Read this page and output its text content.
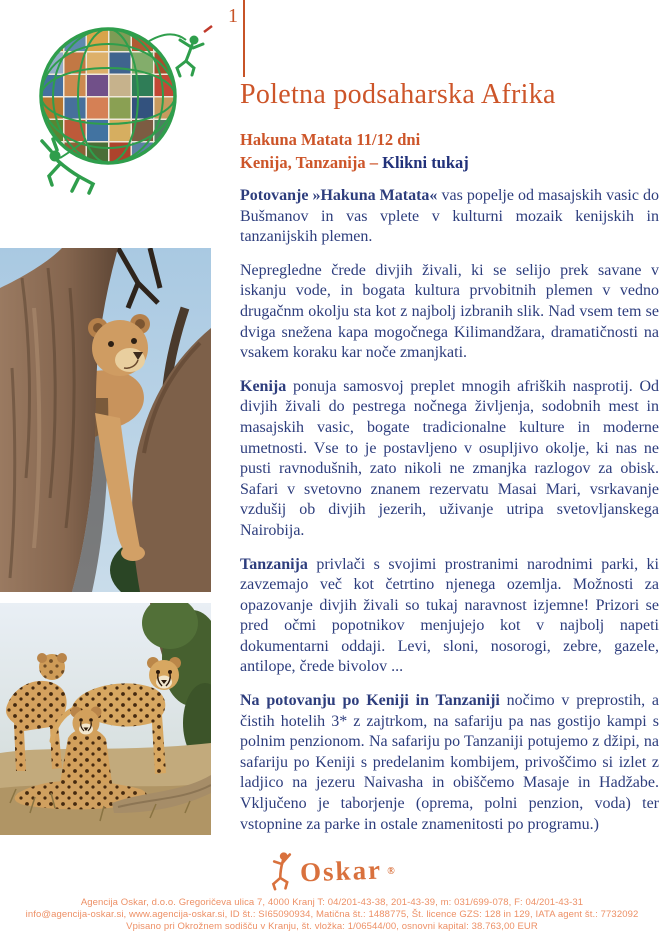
1
Poletna podsaharska Afrika
Hakuna Matata 11/12 dni
Kenija, Tanzanija – Klikni tukaj

Potovanje »Hakuna Matata« vas popelje od masajskih vasic do Bušmanov in vas vplete v kulturni mozaik kenijskih in tanzanijskih plemen.

Nepregledne črede divjih živali, ki se selijo prek savane v iskanju vode, in bogata kultura prvobitnih plemen v vedno drugačnm okolju sta kot z najbolj izbranih slik. Nad vsem tem se dviga snežena kapa mogočnega Kilimandžara, dramatičnosti na vsakem koraku kar noče zmanjkati.

Kenija ponuja samosvoj preplet mnogih afriških nasprotij. Od divjih živali do pestrega nočnega življenja, sodobnih mest in masajskih vasic, bogate tradicionalne kulture in moderne umetnosti. Vse to je postavljeno v osupljivo okolje, ki nas ne pusti ravnodušnih, zato nikoli ne zmanjka razlogov za obisk. Safari v svetovno znanem rezervatu Masai Mari, vsrkavanje vzdušij ob divjih jezerih, uživanje utripa svetovljanskega Nairobija.

Tanzanija privlači s svojimi prostranimi narodnimi parki, ki zavzemajo več kot četrtino njenega ozemlja. Možnosti za opazovanje divjih živali so tukaj naravnost izjemne! Prizori se pred očmi popotnikov menjujejo kot v najbolj napeti dokumentarni oddaji. Levi, sloni, nosorogi, zebre, gazele, antilope, črede bivolov ...

Na potovanju po Keniji in Tanzaniji nočimo v preprostih, a čistih hotelih 3* z zajtrkom, na safariju pa nas gostijo kampi s polnim penzionom. Na safariju po Tanzaniji potujemo z džipi, na safariju po Keniji s predelanim kombijem, privoščimo si izlet z ladjico na jezeru Naivasha in obiščemo Masaje in Hadžabe. Vključeno je taborjenje (oprema, polni penzion, voda) ter vstopnine za parke in ostale znamenitosti po programu.)

Oskar ®
Agencija Oskar, d.o.o. Gregoričeva ulica 7, 4000 Kranj T: 04/201-43-38, 201-43-39, m: 031/699-078, F: 04/201-43-31
info@agencija-oskar.si, www.agencija-oskar.si, ID št.: SI65090934, Matična št.: 1488775, Št. licence GZS: 128 in 129, IATA agent št.: 7732092
Vpisano pri Okrožnem sodišču v Kranju, št. vložka: 1/06544/00, osnovni kapital: 38.763,00 EUR
